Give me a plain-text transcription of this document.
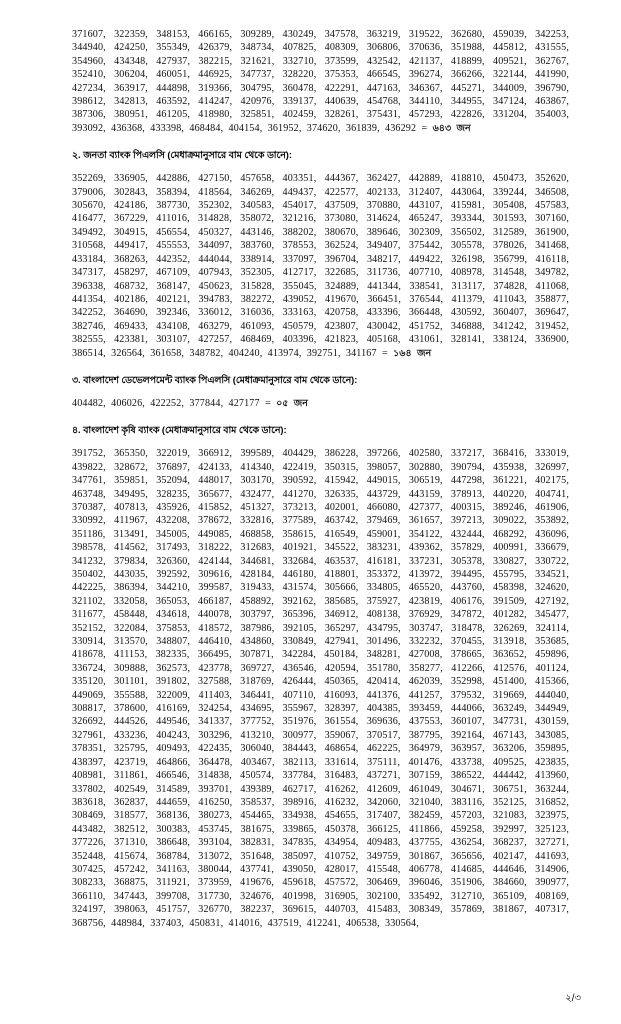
371607, 322359, 348153, 466165, 309289, 430249, 347578, 363219, 319522, 362680, 459039, 342253, 344940, 424250, 355349, 426379, 348734, 407825, 408309, 306806, 370636, 351988, 445812, 431555, 354960, 434348, 427937, 382215, 321621, 332710, 373599, 432542, 421137, 418899, 409521, 362767, 352410, 306204, 460051, 446925, 347737, 328220, 375353, 466545, 396274, 366266, 322144, 441990, 427234, 363917, 444898, 319366, 304795, 360478, 422291, 447163, 346367, 445271, 344009, 396790, 398612, 342813, 463592, 414247, 420976, 339137, 440639, 454768, 344110, 344955, 347124, 463867, 387306, 380951, 461205, 418980, 325851, 402459, 328261, 375431, 457293, 422826, 331204, 354003, 393092, 436368, 433398, 468484, 404154, 361952, 374620, 361839, 436292 = ৬৪৩ জন
২. জনতা ব্যাংক পিএলসি (মেধাক্রমানুসারে বাম থেকে ডানে):
352269, 336905, 442886, 427150, 457658, 403351, 444367, 362427, 442889, 418810, 450473, 352620, 379006, 302843, 358394, 418564, 346269, 449437, 422577, 402133, 312407, 443064, 339244, 346508, 305670, 424186, 387730, 352302, 340583, 454017, 437509, 370880, 443107, 415981, 305408, 457583, 416477, 367229, 411016, 314828, 358072, 321216, 373080, 314624, 465247, 393344, 301593, 307160, 349492, 304915, 456554, 450327, 443146, 388202, 380670, 389646, 302309, 356502, 312589, 361900, 310568, 449417, 455553, 344097, 383760, 378553, 362524, 349407, 375442, 305578, 378026, 341468, 433184, 368263, 442352, 444044, 338914, 337097, 396704, 348217, 449422, 326198, 356799, 416118, 347317, 458297, 467109, 407943, 352305, 412717, 322685, 311736, 407710, 408978, 314548, 349782, 396338, 468732, 368147, 450623, 315828, 355045, 324889, 441344, 338541, 313117, 374828, 411068, 441354, 402186, 402121, 394783, 382272, 439052, 419670, 366451, 376544, 411379, 411043, 358877, 342252, 364690, 392346, 336012, 316036, 333163, 420758, 433396, 366448, 430592, 360407, 369647, 382746, 469433, 434108, 463279, 461093, 450579, 423807, 430042, 451752, 346888, 341242, 319452, 382555, 423381, 303107, 427257, 468469, 403396, 421823, 405168, 431061, 328141, 338124, 336900, 386514, 326564, 361658, 348782, 404240, 413974, 392751, 341167 = ১৬৪ জন
৩. বাংলাদেশ ডেভেলপমেন্ট ব্যাংক পিএলসি (মেধাক্রমানুসারে বাম থেকে ডানে):
404482, 406026, 422252, 377844, 427177 = ০৫ জন
৪. বাংলাদেশ কৃষি ব্যাংক (মেধাক্রমানুসারে বাম থেকে ডানে):
391752, 365350, 322019, 366912, 399589, 404429, 386228, 397266, 402580, 337217, 368416, 333019, 439822, 328672, 376897, 424133, 414340, 422419, 350315, 398057, 302880, 390794, 435938, 326997, 347761, 359851, 352094, 448017, 303170, 390592, 415942, 449015, 306519, 447298, 361221, 402175, 463748, 349495, 328235, 365677, 432477, 441270, 326335, 443729, 443159, 378913, 440220, 404741, 370387, 407813, 435926, 415852, 451327, 373213, 402001, 466080, 427377, 400315, 389246, 461906, 330992, 411967, 432208, 378672, 332816, 377589, 463742, 379469, 361657, 397213, 309022, 353892, 351186, 313491, 345005, 449085, 468858, 358615, 416549, 459001, 354122, 432444, 468292, 436096, 398578, 414562, 317493, 318222, 312683, 401921, 345522, 383231, 439362, 357829, 400991, 336679, 341232, 379834, 326360, 424144, 344681, 332684, 463537, 416181, 337231, 305378, 330827, 330722, 350402, 443035, 392592, 309616, 428184, 446180, 418801, 353372, 413972, 394495, 455795, 334521, 442225, 386394, 344210, 399587, 319433, 431574, 305666, 334805, 465520, 443760, 458398, 324620, 321102, 332058, 365053, 466187, 458892, 392162, 385685, 375927, 423819, 406176, 391509, 427192, 311677, 458448, 434618, 440078, 303797, 365396, 346912, 408138, 376929, 347872, 401282, 345477, 352152, 322084, 375853, 418572, 387986, 392105, 365297, 434795, 303747, 318478, 326269, 324114, 330914, 313570, 348807, 446410, 434860, 330849, 427941, 301496, 332232, 370455, 313918, 353685, 418678, 411153, 382335, 366495, 307871, 342284, 450184, 348281, 427008, 378665, 363652, 459896, 336724, 309888, 362573, 423778, 369727, 436546, 420594, 351780, 358277, 412266, 412576, 401124, 335120, 301101, 391802, 327588, 318769, 426444, 450365, 420414, 462039, 352998, 451400, 415366, 449069, 355588, 322009, 411403, 346441, 407110, 416093, 441376, 441257, 379532, 319669, 444040, 308817, 378600, 416169, 324254, 434695, 355967, 328397, 404385, 393459, 444066, 363249, 344949, 326692, 444526, 449546, 341337, 377752, 351976, 361554, 369636, 437553, 360107, 347731, 430159, 327961, 433236, 404243, 303296, 413210, 300977, 359067, 370517, 387795, 392164, 467143, 343085, 378351, 325795, 409493, 422435, 306040, 384443, 468654, 462225, 364979, 363957, 363206, 359895, 438397, 423719, 464866, 364478, 403467, 382113, 331614, 375111, 401476, 433738, 409525, 423835, 408981, 311861, 466546, 314838, 450574, 337784, 316483, 437271, 307159, 386522, 444442, 413960, 337802, 402549, 314589, 393701, 439389, 462717, 416262, 412609, 461049, 304671, 306751, 363244, 383618, 362837, 444659, 416250, 358537, 398916, 416232, 342060, 321040, 383116, 352125, 316852, 308469, 318577, 368136, 380273, 454465, 334938, 454655, 317407, 382459, 457203, 321083, 323975, 443482, 382512, 300383, 453745, 381675, 339865, 450378, 366125, 411866, 459258, 392997, 325123, 377226, 371310, 386648, 393104, 382831, 347835, 434954, 409483, 437755, 436254, 368237, 327271, 352448, 415674, 368784, 313072, 351648, 385097, 410752, 349759, 301867, 365656, 402147, 441693, 307425, 457242, 341163, 380044, 437741, 439050, 428017, 415548, 406778, 414685, 444646, 314906, 308233, 368875, 311921, 373959, 419676, 459618, 457572, 306469, 396046, 351906, 384660, 390977, 366110, 347443, 399708, 317730, 324676, 401998, 316905, 302100, 335492, 312710, 365109, 408169, 324197, 398063, 451757, 326770, 382237, 369615, 440703, 415483, 308349, 357869, 381867, 407317, 368756, 448984, 337403, 450831, 414016, 437519, 412241, 406538, 330564,
২/৩
